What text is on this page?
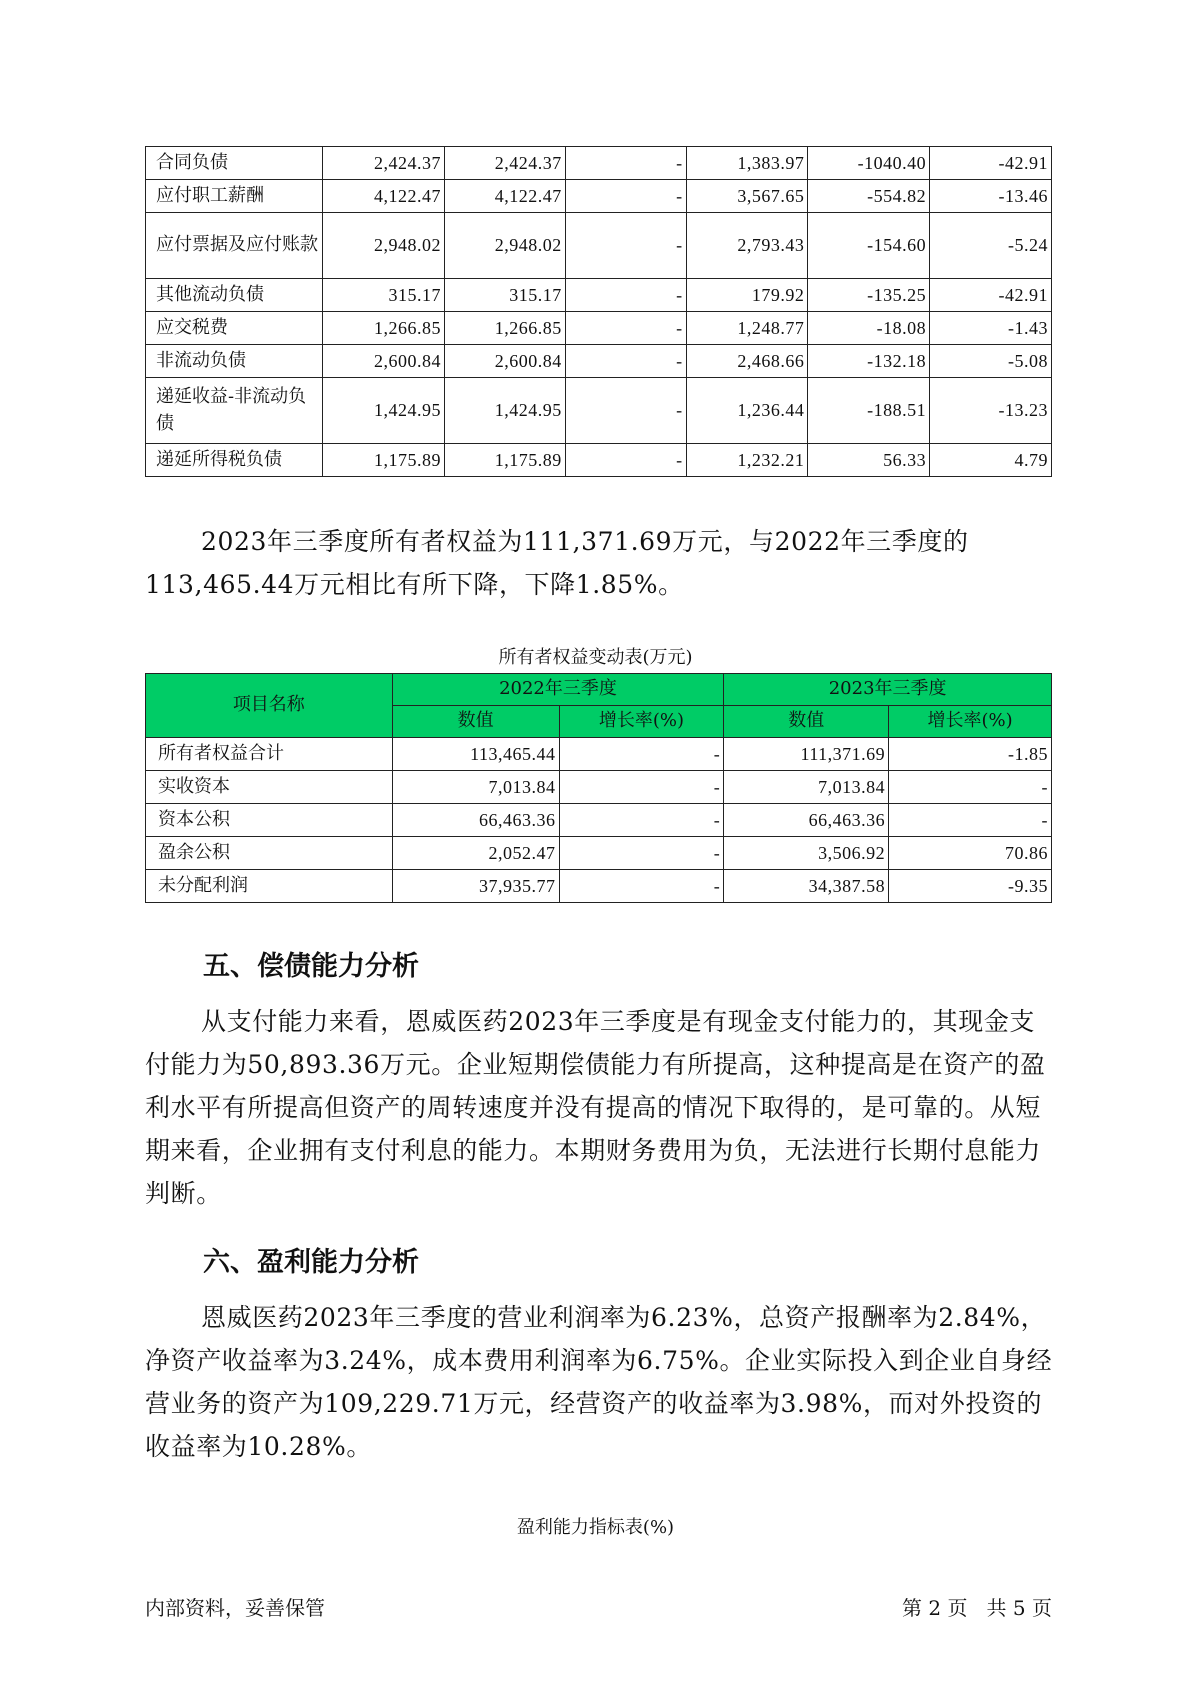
合同负债	2,424.37	2,424.37	-	1,383.97	-1040.40	-42.91
应付职工薪酬	4,122.47	4,122.47	-	3,567.65	-554.82	-13.46
应付票据及应付账款	2,948.02	2,948.02	-	2,793.43	-154.60	-5.24
其他流动负债	315.17	315.17	-	179.92	-135.25	-42.91
应交税费	1,266.85	1,266.85	-	1,248.77	-18.08	-1.43
非流动负债	2,600.84	2,600.84	-	2,468.66	-132.18	-5.08
递延收益-非流动负债	1,424.95	1,424.95	-	1,236.44	-188.51	-13.23
递延所得税负债	1,175.89	1,175.89	-	1,232.21	56.33	4.79

2023年三季度所有者权益为111,371.69万元，与2022年三季度的113,465.44万元相比有所下降，下降1.85%。

所有者权益变动表(万元)
项目名称	2022年三季度		2023年三季度	
	数值	增长率(%)	数值	增长率(%)
所有者权益合计	113,465.44	-	111,371.69	-1.85
实收资本	7,013.84	-	7,013.84	-
资本公积	66,463.36	-	66,463.36	-
盈余公积	2,052.47	-	3,506.92	70.86
未分配利润	37,935.77	-	34,387.58	-9.35
五、偿债能力分析

从支付能力来看，恩威医药2023年三季度是有现金支付能力的，其现金支付能力为50,893.36万元。企业短期偿债能力有所提高，这种提高是在资产的盈利水平有所提高但资产的周转速度并没有提高的情况下取得的，是可靠的。从短期来看，企业拥有支付利息的能力。本期财务费用为负，无法进行长期付息能力判断。

六、盈利能力分析

恩威医药2023年三季度的营业利润率为6.23%，总资产报酬率为2.84%，净资产收益率为3.24%，成本费用利润率为6.75%。企业实际投入到企业自身经营业务的资产为109,229.71万元，经营资产的收益率为3.98%，而对外投资的收益率为10.28%。

盈利能力指标表(%)
内部资料，妥善保管	第 2 页   共 5 页
